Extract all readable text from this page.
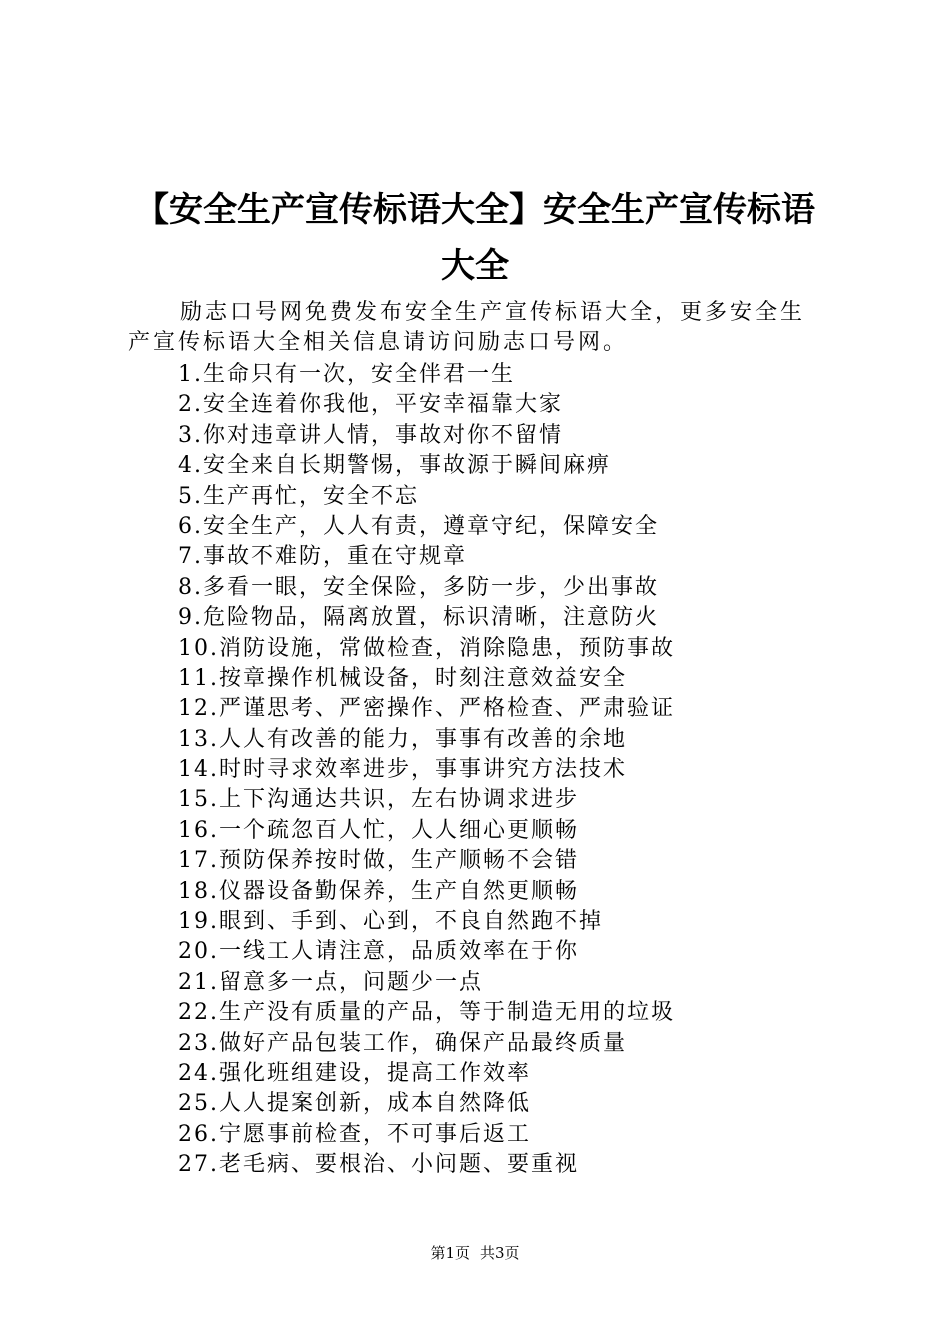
【安全生产宣传标语大全】安全生产宣传标语大全

励志口号网免费发布安全生产宣传标语大全，更多安全生产宣传标语大全相关信息请访问励志口号网。

1.生命只有一次，安全伴君一生
2.安全连着你我他，平安幸福靠大家
3.你对违章讲人情，事故对你不留情
4.安全来自长期警惕，事故源于瞬间麻痹
5.生产再忙，安全不忘
6.安全生产，人人有责，遵章守纪，保障安全
7.事故不难防，重在守规章
8.多看一眼，安全保险，多防一步，少出事故
9.危险物品，隔离放置，标识清晰，注意防火
10.消防设施，常做检查，消除隐患，预防事故
11.按章操作机械设备，时刻注意效益安全
12.严谨思考、严密操作、严格检查、严肃验证
13.人人有改善的能力，事事有改善的余地
14.时时寻求效率进步，事事讲究方法技术
15.上下沟通达共识，左右协调求进步
16.一个疏忽百人忙，人人细心更顺畅
17.预防保养按时做，生产顺畅不会错
18.仪器设备勤保养，生产自然更顺畅
19.眼到、手到、心到，不良自然跑不掉
20.一线工人请注意，品质效率在于你
21.留意多一点，问题少一点
22.生产没有质量的产品，等于制造无用的垃圾
23.做好产品包装工作，确保产品最终质量
24.强化班组建设，提高工作效率
25.人人提案创新，成本自然降低
26.宁愿事前检查，不可事后返工
27.老毛病、要根治、小问题、要重视
第1页 共3页
